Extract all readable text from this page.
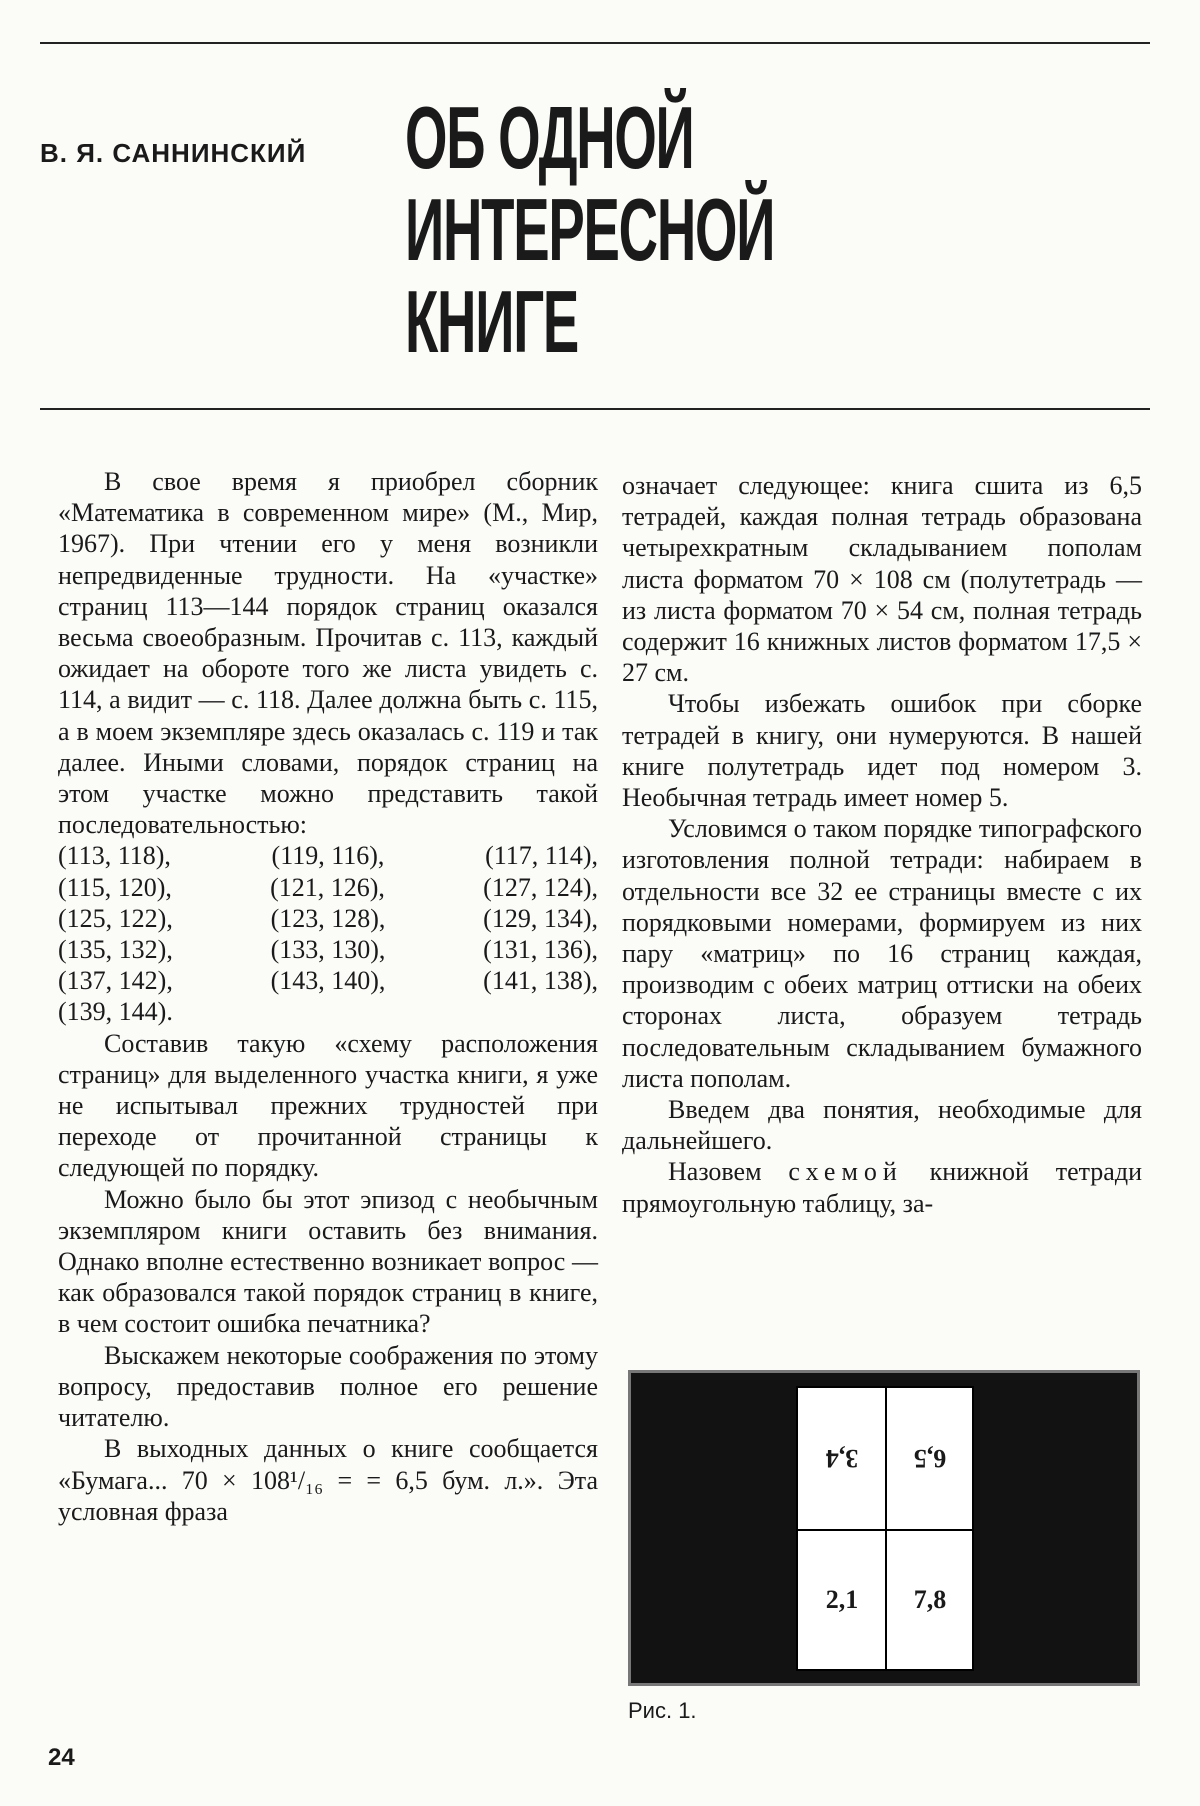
В. Я. САННИНСКИЙ ОБ ОДНОЙ
ИНТЕРЕСНОЙ
КНИГЕ

В свое время я приобрел сборник «Математика в современном мире» (М., Мир, 1967). При чтении его у меня возникли непредвиденные трудности. На «участке» страниц 113—144 порядок страниц оказался весьма своеобразным. Прочитав с. 113, каждый ожидает на обороте того же листа увидеть с. 114, а видит — с. 118. Далее должна быть с. 115, а в моем экземпляре здесь оказалась с. 119 и так далее. Иными словами, порядок страниц на этом участке можно представить такой последовательностью:

(113, 118),	(119, 116),	(117, 114),
(115, 120),	(121, 126),	(127, 124),
(125, 122),	(123, 128),	(129, 134),
(135, 132),	(133, 130),	(131, 136),
(137, 142),	(143, 140),	(141, 138),
(139, 144).

Составив такую «схему расположения страниц» для выделенного участка книги, я уже не испытывал прежних трудностей при переходе от прочитанной страницы к следующей по порядку.

Можно было бы этот эпизод с необычным экземпляром книги оставить без внимания. Однако вполне естественно возникает вопрос — как образовался такой порядок страниц в книге, в чем состоит ошибка печатника?

Выскажем некоторые соображения по этому вопросу, предоставив полное его решение читателю.

В выходных данных о книге сообщается «Бумага... 70 × 108¹/₁₆ = = 6,5 бум. л.». Эта условная фраза

означает следующее: книга сшита из 6,5 тетрадей, каждая полная тетрадь образована четырехкратным складыванием пополам листа форматом 70 × 108 см (полутетрадь — из листа форматом 70 × 54 см, полная тетрадь содержит 16 книжных листов форматом 17,5 × 27 см.

Чтобы избежать ошибок при сборке тетрадей в книгу, они нумеруются. В нашей книге полутетрадь идет под номером 3. Необычная тетрадь имеет номер 5.

Условимся о таком порядке типографского изготовления полной тетради: набираем в отдельности все 32 ее страницы вместе с их порядковыми номерами, формируем из них пару «матриц» по 16 страниц каждая, производим с обеих матриц оттиски на обеих сторонах листа, образуем тетрадь последовательным складыванием бумажного листа пополам.

Введем два понятия, необходимые для дальнейшего.

Назовем схемой книжной тетради прямоугольную таблицу, за-

3,4	6,5
2,1	7,8
Рис. 1.
24
